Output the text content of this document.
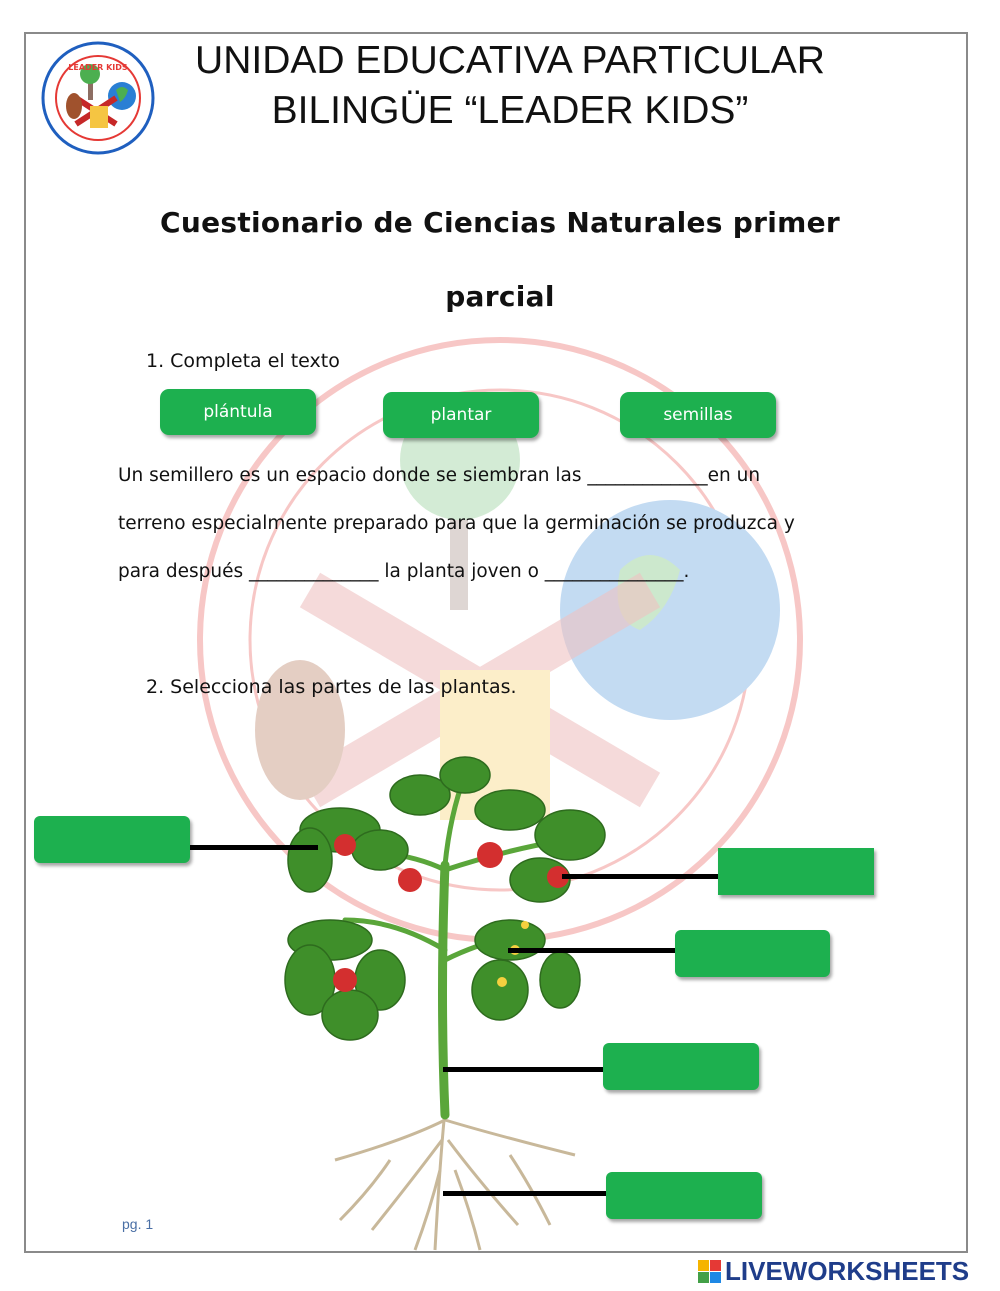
LEADER KIDS	UNIDAD EDUCATIVA PARTICULAR
BILINGÜE “LEADER KIDS”
Cuestionario de Ciencias Naturales primer
parcial
1. Completa el texto
plántula	plantar	semillas
Un semillero es un espacio donde se siembran las _____________en un
terreno especialmente preparado para que la germinación se produzca y
para después ______________ la planta joven o _______________.
2. Selecciona las partes de las plantas.
pg. 1
LIVEWORKSHEETS
